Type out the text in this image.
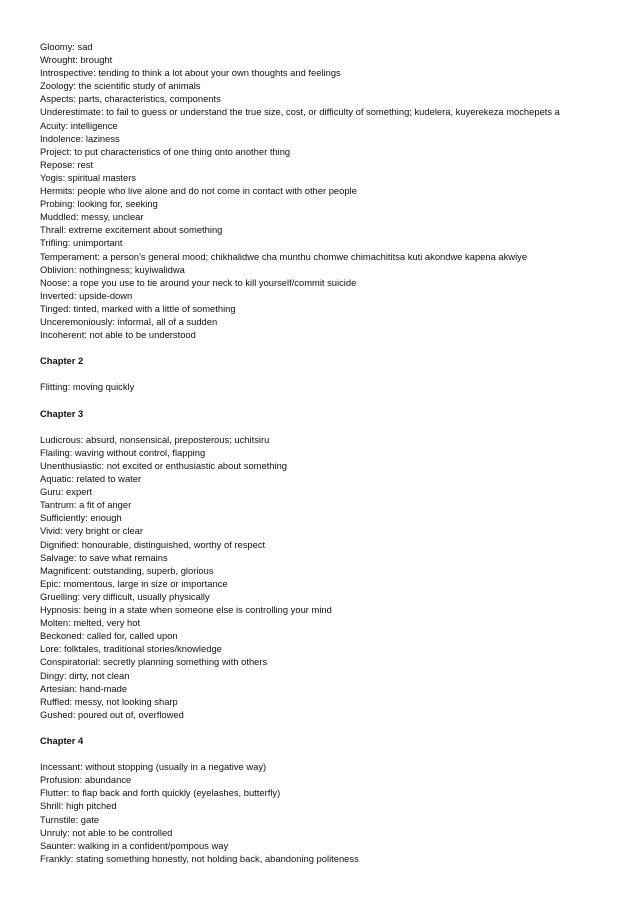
Gloomy: sad
Wrought: brought
Introspective: tending to think a lot about your own thoughts and feelings
Zoology: the scientific study of animals
Aspects: parts, characteristics, components
Underestimate: to fail to guess or understand the true size, cost, or difficulty of something; kudelera, kuyerekeza mochepets a
Acuity: intelligence
Indolence: laziness
Project: to put characteristics of one thing onto another thing
Repose: rest
Yogis: spiritual masters
Hermits: people who live alone and do not come in contact with other people
Probing: looking for, seeking
Muddled: messy, unclear
Thrall: extreme excitement about something
Trifling: unimportant
Temperament: a person’s general mood; chikhalidwe cha munthu chomwe chimachititsa kuti akondwe kapena akwiye
Oblivion: nothingness; kuyiwalidwa
Noose: a rope you use to tie around your neck to kill yourself/commit suicide
Inverted: upside-down
Tinged: tinted, marked with a little of something
Unceremoniously: informal, all of a sudden
Incoherent: not able to be understood
Chapter 2
Flitting: moving quickly
Chapter 3
Ludicrous: absurd, nonsensical, preposterous; uchitsiru
Flailing: waving without control, flapping
Unenthusiastic: not excited or enthusiastic about something
Aquatic: related to water
Guru: expert
Tantrum: a fit of anger
Sufficiently: enough
Vivid: very bright or clear
Dignified: honourable, distinguished, worthy of respect
Salvage: to save what remains
Magnificent: outstanding, superb, glorious
Epic: momentous, large in size or importance
Gruelling: very difficult, usually physically
Hypnosis: being in a state when someone else is controlling your mind
Molten: melted, very hot
Beckoned: called for, called upon
Lore: folktales, traditional stories/knowledge
Conspiratorial: secretly planning something with others
Dingy: dirty, not clean
Artesian: hand-made
Ruffled: messy, not looking sharp
Gushed: poured out of, overflowed
Chapter 4
Incessant: without stopping (usually in a negative way)
Profusion: abundance
Flutter: to flap back and forth quickly (eyelashes, butterfly)
Shrill: high pitched
Turnstile: gate
Unruly: not able to be controlled
Saunter: walking in a confident/pompous way
Frankly: stating something honestly, not holding back, abandoning politeness
